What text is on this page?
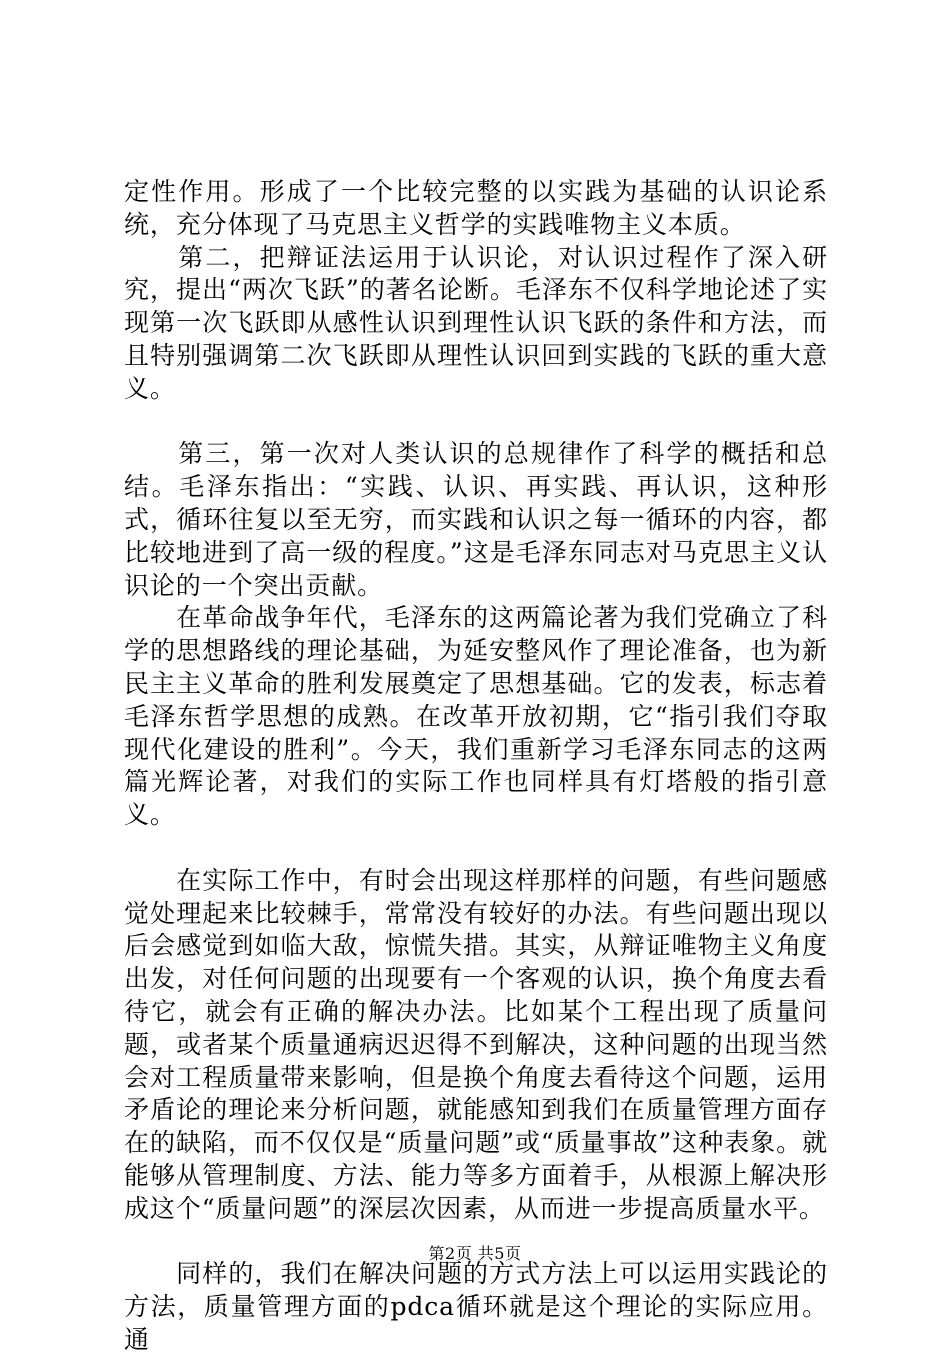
定性作用。形成了一个比较完整的以实践为基础的认识论系统，充分体现了马克思主义哲学的实践唯物主义本质。

　　第二，把辩证法运用于认识论，对认识过程作了深入研究，提出“两次飞跃”的著名论断。毛泽东不仅科学地论述了实现第一次飞跃即从感性认识到理性认识飞跃的条件和方法，而且特别强调第二次飞跃即从理性认识回到实践的飞跃的重大意义。

　　第三，第一次对人类认识的总规律作了科学的概括和总结。毛泽东指出：“实践、认识、再实践、再认识，这种形式，循环往复以至无穷，而实践和认识之每一循环的内容，都比较地进到了高一级的程度。”这是毛泽东同志对马克思主义认识论的一个突出贡献。

　　在革命战争年代，毛泽东的这两篇论著为我们党确立了科学的思想路线的理论基础，为延安整风作了理论准备，也为新民主主义革命的胜利发展奠定了思想基础。它的发表，标志着毛泽东哲学思想的成熟。在改革开放初期，它“指引我们夺取现代化建设的胜利”。今天，我们重新学习毛泽东同志的这两篇光辉论著，对我们的实际工作也同样具有灯塔般的指引意义。

　　在实际工作中，有时会出现这样那样的问题，有些问题感觉处理起来比较棘手，常常没有较好的办法。有些问题出现以后会感觉到如临大敌，惊慌失措。其实，从辩证唯物主义角度出发，对任何问题的出现要有一个客观的认识，换个角度去看待它，就会有正确的解决办法。比如某个工程出现了质量问题，或者某个质量通病迟迟得不到解决，这种问题的出现当然会对工程质量带来影响，但是换个角度去看待这个问题，运用矛盾论的理论来分析问题，就能感知到我们在质量管理方面存在的缺陷，而不仅仅是“质量问题”或“质量事故”这种表象。就能够从管理制度、方法、能力等多方面着手，从根源上解决形成这个“质量问题”的深层次因素，从而进一步提高质量水平。

　　同样的，我们在解决问题的方式方法上可以运用实践论的方法，质量管理方面的pdca循环就是这个理论的实际应用。通

第2页 共5页
